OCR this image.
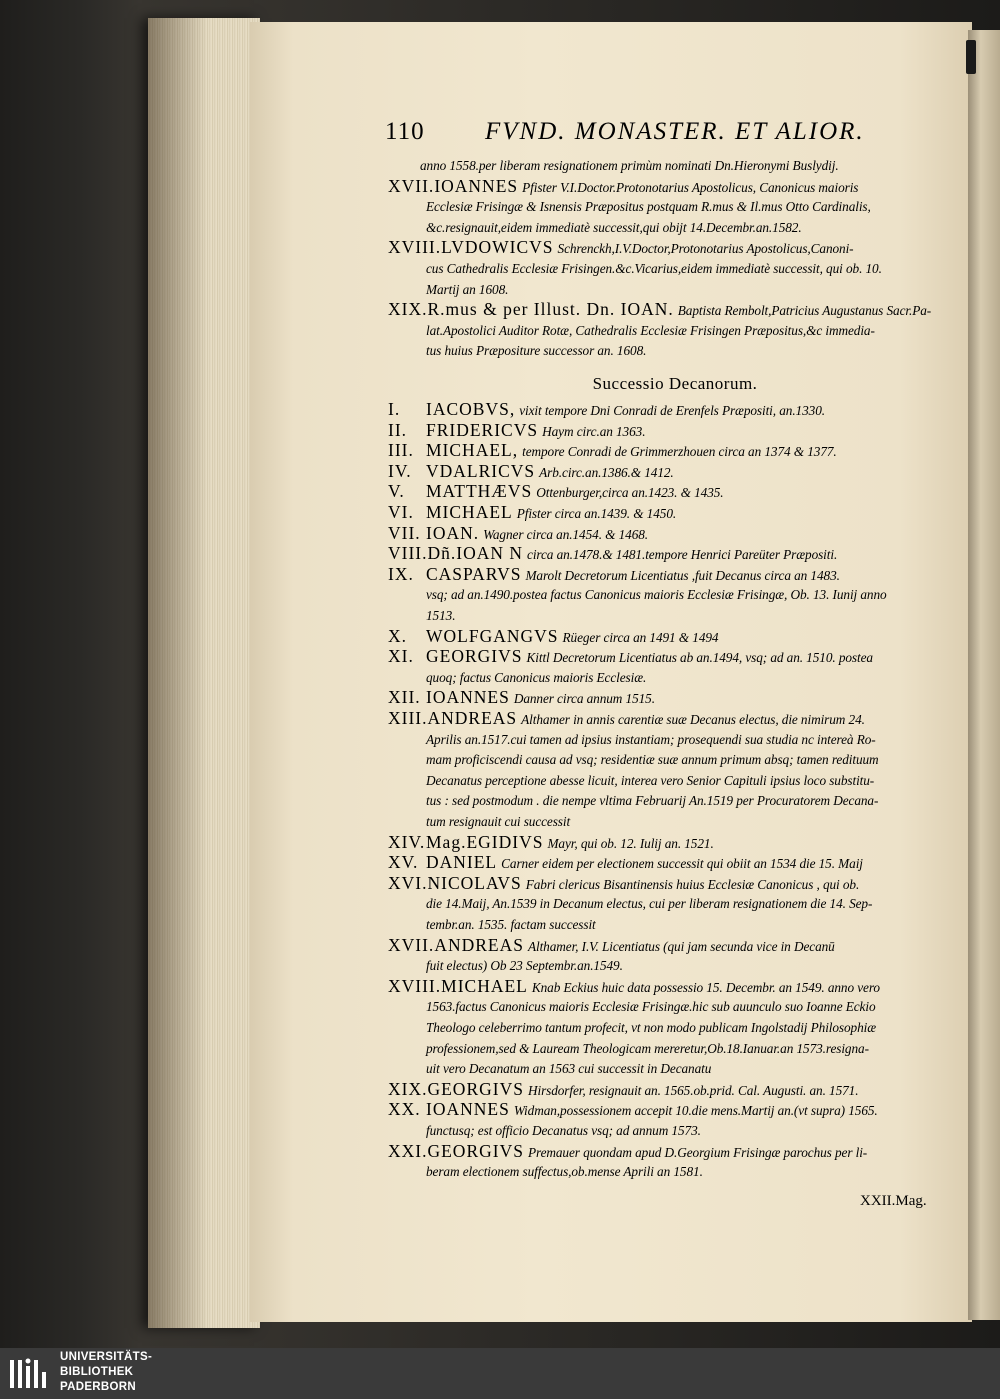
110 FVND. MONASTER. ET ALIOR.
anno 1558.per liberam resignationem primùm nominati Dn.Hieronymi Buslydij.
XVII.IOANNES Pfister V.I.Doctor.Protonotarius Apostolicus, Canonicus maioris
Ecclesiæ Frisingæ & Isnensis Præpositus postquam R.mus & Il.mus Otto Cardinalis,
&c.resignauit,eidem immediatè successit,qui obijt 14.Decembr.an.1582.
XVIII.LVDOWICVS Schrenckh,I.V.Doctor,Protonotarius Apostolicus,Canoni-
cus Cathedralis Ecclesiæ Frisingen.&c.Vicarius,eidem immediatè successit, qui ob. 10.
Martij an 1608.
XIX.R.mus & per Illust. Dn. IOAN. Baptista Rembolt,Patricius Augustanus Sacr.Pa-
lat.Apostolici Auditor Rotæ, Cathedralis Ecclesiæ Frisingen Præpositus,&c immedia-
tus huius Præpositure successor an. 1608.
Successio Decanorum.
I. IACOBVS, vixit tempore Dni Conradi de Erenfels Præpositi, an.1330.
II. FRIDERICVS Haym circ.an 1363.
III. MICHAEL, tempore Conradi de Grimmerzhouen circa an 1374 & 1377.
IV. VDALRICVS Arb.circ.an.1386.& 1412.
V. MATTHÆVS Ottenburger,circa an.1423. & 1435.
VI. MICHAEL Pfister circa an.1439. & 1450.
VII. IOAN. Wagner circa an.1454. & 1468.
VIII.Dñ.IOAN N circa an.1478.& 1481.tempore Henrici Pareüter Præpositi.
IX. CASPARVS Marolt Decretorum Licentiatus ,fuit Decanus circa an 1483.
vsq; ad an.1490.postea factus Canonicus maioris Ecclesiæ Frisingæ, Ob. 13. Iunij anno
1513.
X. WOLFGANGVS Rüeger circa an 1491 & 1494
XI. GEORGIVS Kittl Decretorum Licentiatus ab an.1494, vsq; ad an. 1510. postea
quoq; factus Canonicus maioris Ecclesiæ.
XII. IOANNES Danner circa annum 1515.
XIII.ANDREAS Althamer in annis carentiæ suæ Decanus electus, die nimirum 24.
Aprilis an.1517.cui tamen ad ipsius instantiam; prosequendi sua studia nc intereà Ro-
mam proficiscendi causa ad vsq; residentiæ suæ annum primum absq; tamen redituum
Decanatus perceptione abesse licuit, interea vero Senior Capituli ipsius loco substitu-
tus : sed postmodum . die nempe vltima Februarij An.1519 per Procuratorem Decana-
tum resignauit cui successit
XIV.Mag.EGIDIVS Mayr, qui ob. 12. Iulij an. 1521.
XV. DANIEL Carner eidem per electionem successit qui obiit an 1534 die 15. Maij
XVI.NICOLAVS Fabri clericus Bisantinensis huius Ecclesiæ Canonicus , qui ob.
die 14.Maij, An.1539 in Decanum electus, cui per liberam resignationem die 14. Sep-
tembr.an. 1535. factam successit
XVII.ANDREAS Althamer, I.V. Licentiatus (qui jam secunda vice in Decanū
fuit electus) Ob 23 Septembr.an.1549.
XVIII.MICHAEL Knab Eckius huic data possessio 15. Decembr. an 1549. anno vero
1563.factus Canonicus maioris Ecclesiæ Frisingæ.hic sub auunculo suo Ioanne Eckio
Theologo celeberrimo tantum profecit, vt non modo publicam Ingolstadij Philosophiæ
professionem,sed & Lauream Theologicam mereretur,Ob.18.Ianuar.an 1573.resigna-
uit vero Decanatum an 1563 cui successit in Decanatu
XIX.GEORGIVS Hirsdorfer, resignauit an. 1565.ob.prid. Cal. Augusti. an. 1571.
XX. IOANNES Widman,possessionem accepit 10.die mens.Martij an.(vt supra) 1565.
functusq; est officio Decanatus vsq; ad annum 1573.
XXI.GEORGIVS Premauer quondam apud D.Georgium Frisingæ parochus per li-
beram electionem suffectus,ob.mense Aprili an 1581.
XXII.Mag.
UNIVERSITÄTS-
BIBLIOTHEK
PADERBORN
